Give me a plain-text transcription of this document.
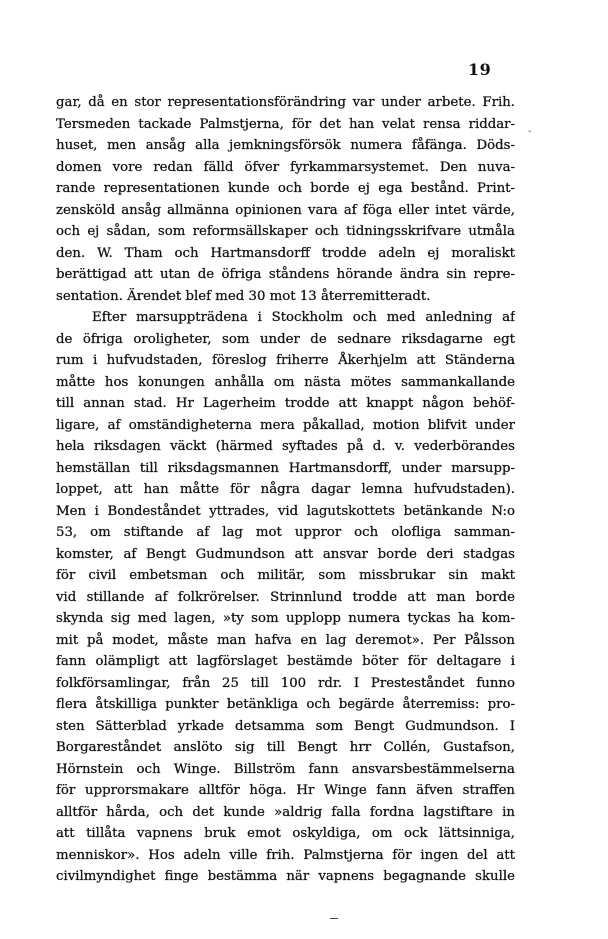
19
-
gar, då en stor representationsförändring var under arbete. Frih.
Tersmeden tackade Palmstjerna, för det han velat rensa riddar-
huset, men ansåg alla jemkningsförsök numera fåfänga. Döds-
domen vore redan fälld öfver fyrkammarsystemet. Den nuva-
rande representationen kunde och borde ej ega bestånd. Print-
zensköld ansåg allmänna opinionen vara af föga eller intet värde,
och ej sådan, som reformsällskaper och tidningsskrifvare utmåla
den. W. Tham och Hartmansdorff trodde adeln ej moraliskt
berättigad att utan de öfriga ståndens hörande ändra sin repre-
sentation. Ärendet blef med 30 mot 13 återremitteradt.
Efter marsuppträdena i Stockholm och med anledning af
de öfriga oroligheter, som under de sednare riksdagarne egt
rum i hufvudstaden, föreslog friherre Åkerhjelm att Ständerna
måtte hos konungen anhålla om nästa mötes sammankallande
till annan stad. Hr Lagerheim trodde att knappt någon behöf-
ligare, af omständigheterna mera påkallad, motion blifvit under
hela riksdagen väckt (härmed syftades på d. v. vederbörandes
hemställan till riksdagsmannen Hartmansdorff, under marsupp-
loppet, att han måtte för några dagar lemna hufvudstaden).
Men i Bondeståndet yttrades, vid lagutskottets betänkande N:o
53, om stiftande af lag mot uppror och olofliga samman-
komster, af Bengt Gudmundson att ansvar borde deri stadgas
för civil embetsman och militär, som missbrukar sin makt
vid stillande af folkrörelser. Strinnlund trodde att man borde
skynda sig med lagen, »ty som upplopp numera tyckas ha kom-
mit på modet, måste man hafva en lag deremot». Per Pålsson
fann olämpligt att lagförslaget bestämde böter för deltagare i
folkförsamlingar, från 25 till 100 rdr. I Presteståndet funno
flera åtskilliga punkter betänkliga och begärde återremiss: pro-
sten Sätterblad yrkade detsamma som Bengt Gudmundson. I
Borgareståndet anslöto sig till Bengt hrr Collén, Gustafson,
Hörnstein och Winge. Billström fann ansvarsbestämmelserna
för upprorsmakare alltför höga. Hr Winge fann äfven straffen
alltför hårda, och det kunde »aldrig falla fordna lagstiftare in
att tillåta vapnens bruk emot oskyldiga, om ock lättsinniga,
menniskor». Hos adeln ville frih. Palmstjerna för ingen del att
civilmyndighet finge bestämma när vapnens begagnande skulle
